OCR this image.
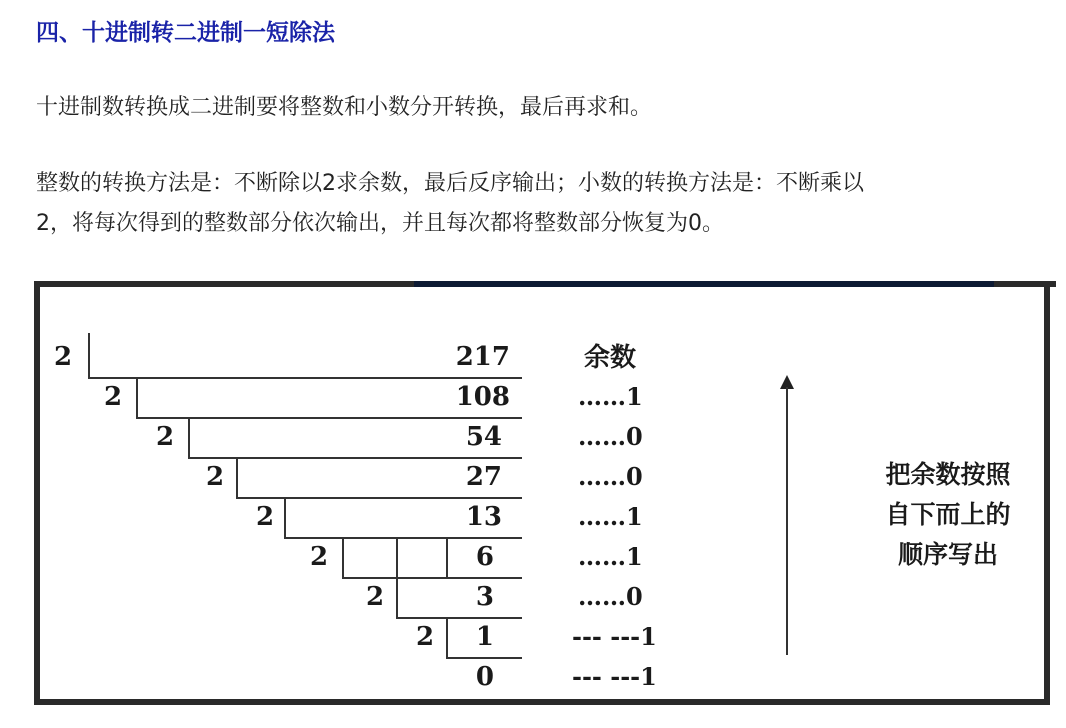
四、十进制转二进制一短除法
十进制数转换成二进制要将整数和小数分开转换，最后再求和。
整数的转换方法是：不断除以2求余数，最后反序输出；小数的转换方法是：不断乘以
2，将每次得到的整数部分依次输出，并且每次都将整数部分恢复为0。
2
2
2
2
2
2
2
2
217
108
54
27
13
6
3
1
0
余数
……1
……0
……0
……1
……1
……0
--- ---1
--- ---1
把余数按照
自下而上的
顺序写出
